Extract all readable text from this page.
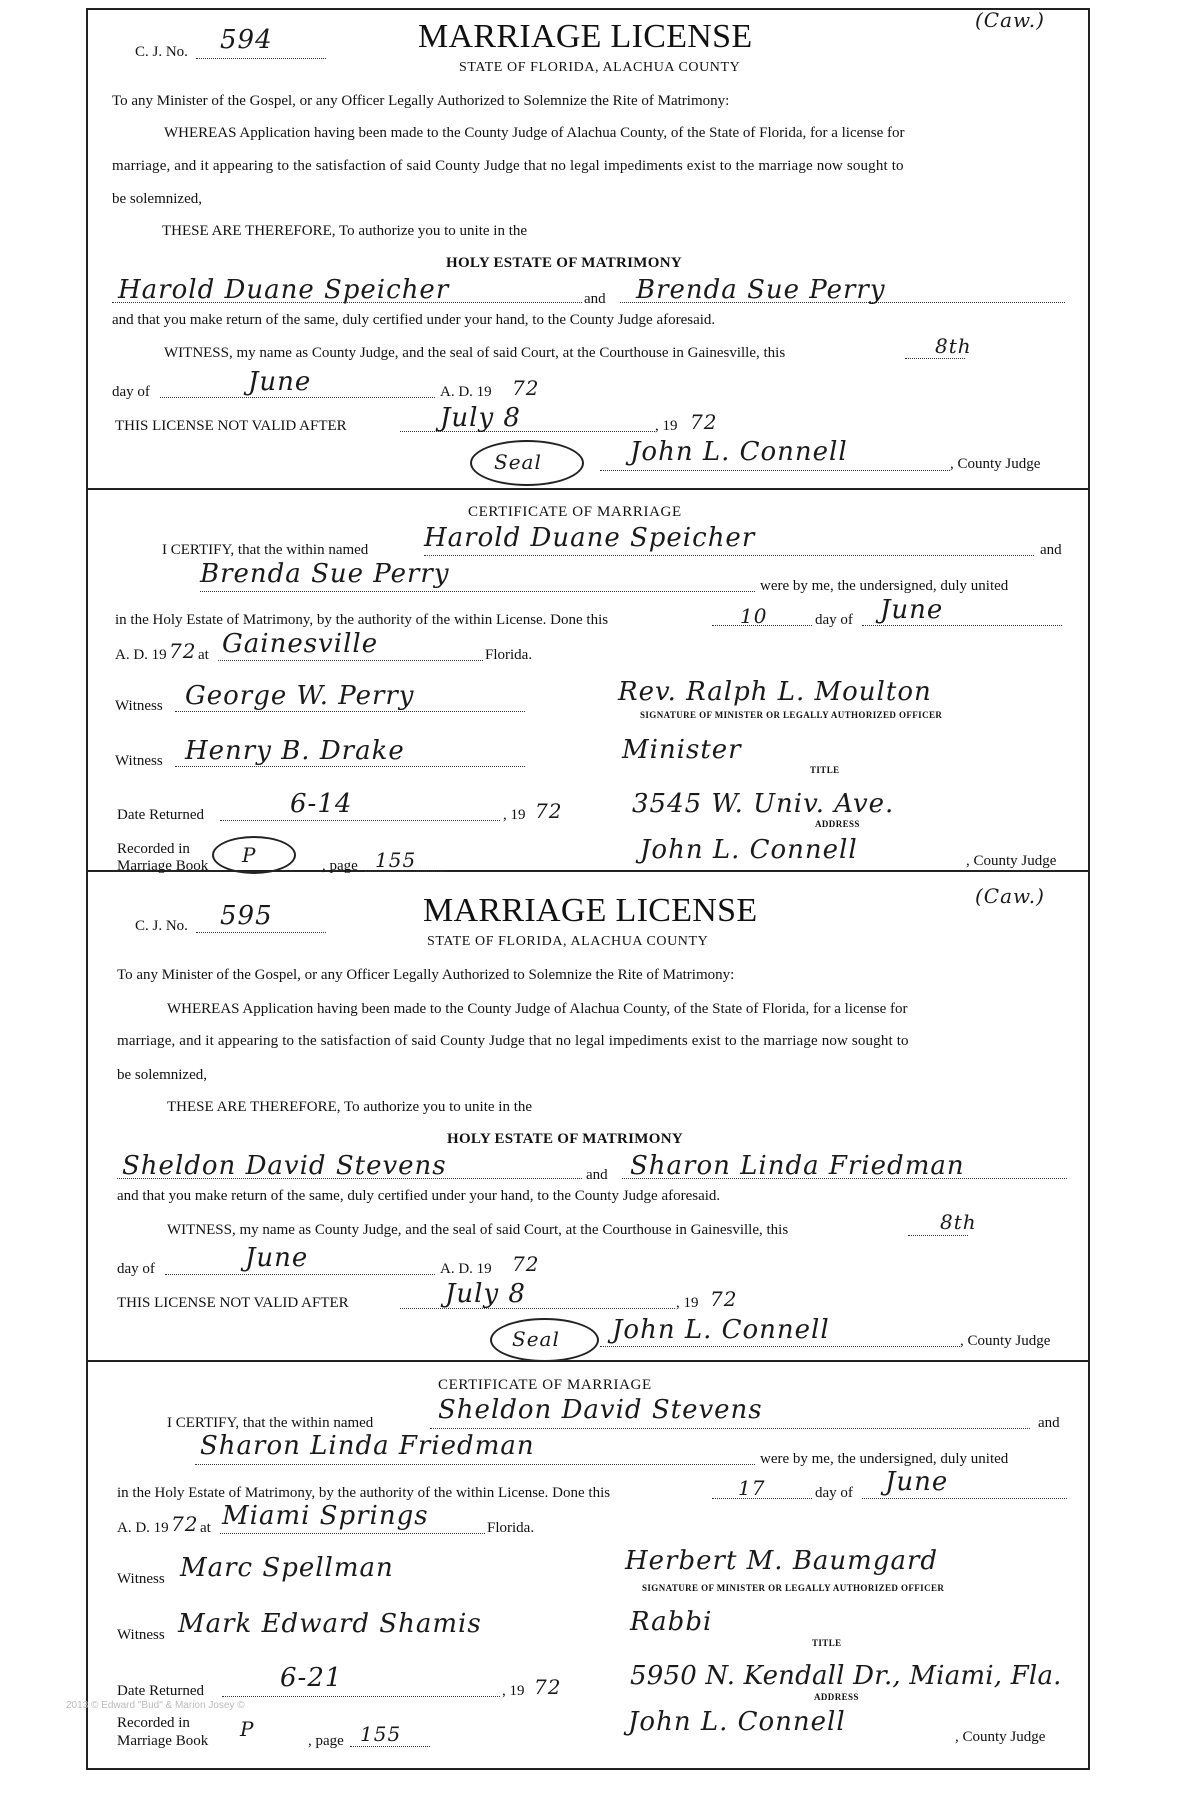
(Caw.)
C. J. No. 594	MARRIAGE LICENSE
STATE OF FLORIDA, ALACHUA COUNTY
To any Minister of the Gospel, or any Officer Legally Authorized to Solemnize the Rite of Matrimony:
WHEREAS Application having been made to the County Judge of Alachua County, of the State of Florida, for a license for
marriage, and it appearing to the satisfaction of said County Judge that no legal impediments exist to the marriage now sought to
be solemnized,
THESE ARE THEREFORE, To authorize you to unite in the
HOLY ESTATE OF MATRIMONY
Harold Duane Speicher	and Brenda Sue Perry
and that you make return of the same, duly certified under your hand, to the County Judge aforesaid.
WITNESS, my name as County Judge, and the seal of said Court, at the Courthouse in Gainesville, this	8th
day of	June	A. D. 19 72
THIS LICENSE NOT VALID AFTER	July 8	, 19 72
Seal	John L. Connell	, County Judge
CERTIFICATE OF MARRIAGE
I CERTIFY, that the within named Harold Duane Speicher	and
Brenda Sue Perry	were by me, the undersigned, duly united
in the Holy Estate of Matrimony, by the authority of the within License. Done this	10	day of June
A. D. 19 72 at Gainesville	Florida.
Witness George W. Perry	Rev. Ralph L. Moulton
SIGNATURE OF MINISTER OR LEGALLY AUTHORIZED OFFICER
Witness Henry B. Drake	Minister
TITLE
Date Returned	6-14	, 19 72	3545 W. Univ. Ave.
ADDRESS
Recorded in
Marriage Book P	, page 155	John L. Connell	, County Judge
(Caw.)
C. J. No. 595	MARRIAGE LICENSE
STATE OF FLORIDA, ALACHUA COUNTY
To any Minister of the Gospel, or any Officer Legally Authorized to Solemnize the Rite of Matrimony:
WHEREAS Application having been made to the County Judge of Alachua County, of the State of Florida, for a license for
marriage, and it appearing to the satisfaction of said County Judge that no legal impediments exist to the marriage now sought to
be solemnized,
THESE ARE THEREFORE, To authorize you to unite in the
HOLY ESTATE OF MATRIMONY
Sheldon David Stevens	and Sharon Linda Friedman
and that you make return of the same, duly certified under your hand, to the County Judge aforesaid.
WITNESS, my name as County Judge, and the seal of said Court, at the Courthouse in Gainesville, this	8th
day of	June	A. D. 19 72
THIS LICENSE NOT VALID AFTER	July 8	, 19 72
Seal John L. Connell	, County Judge
CERTIFICATE OF MARRIAGE
I CERTIFY, that the within named Sheldon David Stevens	and
Sharon Linda Friedman	were by me, the undersigned, duly united
in the Holy Estate of Matrimony, by the authority of the within License. Done this	17	day of June
A. D. 19 72 at Miami Springs	Florida.
Witness Marc Spellman	Herbert M. Baumgard
SIGNATURE OF MINISTER OR LEGALLY AUTHORIZED OFFICER
Witness Mark Edward Shamis	Rabbi
TITLE
Date Returned	6-21	, 19 72	5950 N. Kendall Dr., Miami, Fla.
ADDRESS
Recorded in
Marriage Book P	, page 155	John L. Connell	, County Judge
2013 © Edward "Bud" & Marion Josey ©
